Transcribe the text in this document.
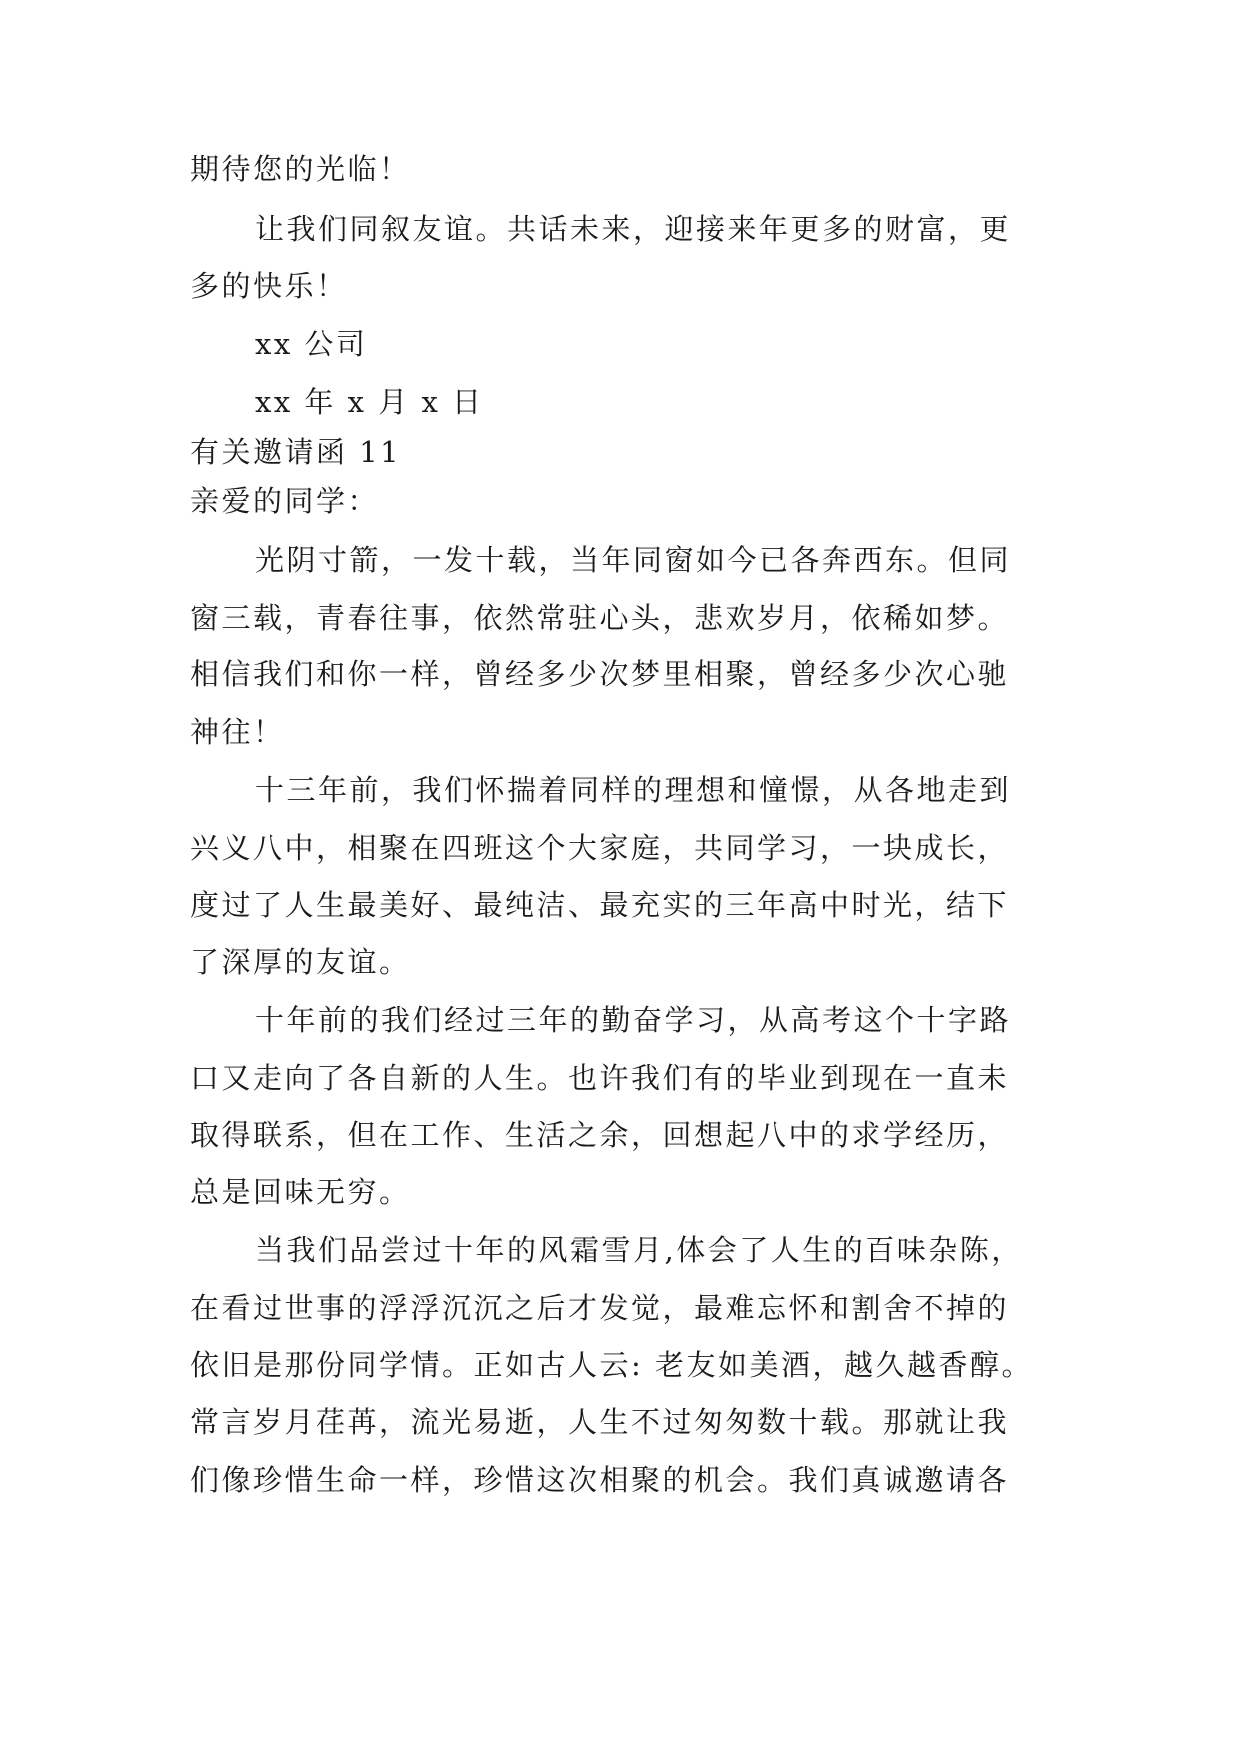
期待您的光临！
让我们同叙友谊。共话未来，迎接来年更多的财富，更
多的快乐！
xx 公司
xx 年 x 月 x 日
有关邀请函 11
亲爱的同学：
光阴寸箭，一发十载，当年同窗如今已各奔西东。但同
窗三载，青春往事，依然常驻心头，悲欢岁月，依稀如梦。
相信我们和你一样，曾经多少次梦里相聚，曾经多少次心驰
神往！
十三年前，我们怀揣着同样的理想和憧憬，从各地走到
兴义八中，相聚在四班这个大家庭，共同学习，一块成长，
度过了人生最美好、最纯洁、最充实的三年高中时光，结下
了深厚的友谊。
十年前的我们经过三年的勤奋学习，从高考这个十字路
口又走向了各自新的人生。也许我们有的毕业到现在一直未
取得联系，但在工作、生活之余，回想起八中的求学经历，
总是回味无穷。
当我们品尝过十年的风霜雪月,体会了人生的百味杂陈，
在看过世事的浮浮沉沉之后才发觉，最难忘怀和割舍不掉的
依旧是那份同学情。正如古人云: 老友如美酒，越久越香醇。
常言岁月荏苒，流光易逝，人生不过匆匆数十载。那就让我
们像珍惜生命一样，珍惜这次相聚的机会。我们真诚邀请各
